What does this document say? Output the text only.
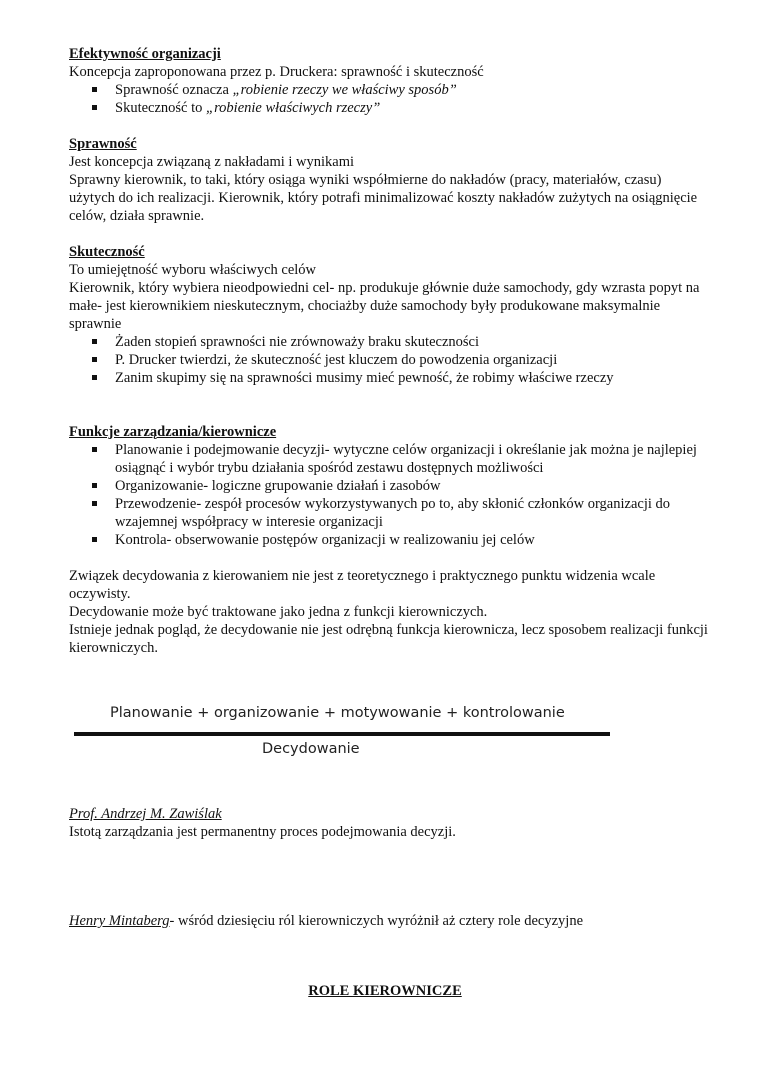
Efektywność organizacji

Koncepcja zaproponowana przez p. Druckera: sprawność i skuteczność

Sprawność oznacza „robienie rzeczy we właściwy sposób”
Skuteczność to „robienie właściwych rzeczy”

Sprawność

Jest koncepcja związaną z nakładami i wynikami

Sprawny kierownik, to taki, który osiąga wyniki współmierne do nakładów (pracy, materiałów, czasu) użytych do ich realizacji. Kierownik, który potrafi minimalizować koszty nakładów zużytych na osiągnięcie celów, działa sprawnie.

Skuteczność

To umiejętność wyboru właściwych celów

Kierownik, który wybiera nieodpowiedni cel- np. produkuje głównie duże samochody, gdy wzrasta popyt na małe- jest kierownikiem nieskutecznym, chociażby duże samochody były produkowane maksymalnie sprawnie

Żaden stopień sprawności nie zrównoważy braku skuteczności
P. Drucker twierdzi, że skuteczność jest kluczem do powodzenia organizacji
Zanim skupimy się na sprawności musimy mieć pewność, że robimy właściwe rzeczy

Funkcje zarządzania/kierownicze

Planowanie i podejmowanie decyzji- wytyczne celów organizacji i określanie jak można je najlepiej osiągnąć i wybór trybu działania spośród zestawu dostępnych możliwości
Organizowanie- logiczne grupowanie działań i zasobów
Przewodzenie- zespół procesów wykorzystywanych po to, aby skłonić członków organizacji do wzajemnej współpracy w interesie organizacji
Kontrola- obserwowanie postępów organizacji w realizowaniu jej celów

Związek decydowania z kierowaniem nie jest z teoretycznego i praktycznego punktu widzenia wcale oczywisty.

Decydowanie może być traktowane jako jedna z funkcji kierowniczych.

Istnieje jednak pogląd, że decydowanie nie jest odrębną funkcja kierownicza, lecz sposobem realizacji funkcji kierowniczych.

Planowanie + organizowanie + motywowanie + kontrolowanie
Decydowanie

Prof. Andrzej M. Zawiślak

Istotą zarządzania jest permanentny proces podejmowania decyzji.

Henry Mintaberg- wśród dziesięciu ról kierowniczych wyróżnił aż cztery role decyzyjne

ROLE KIEROWNICZE
